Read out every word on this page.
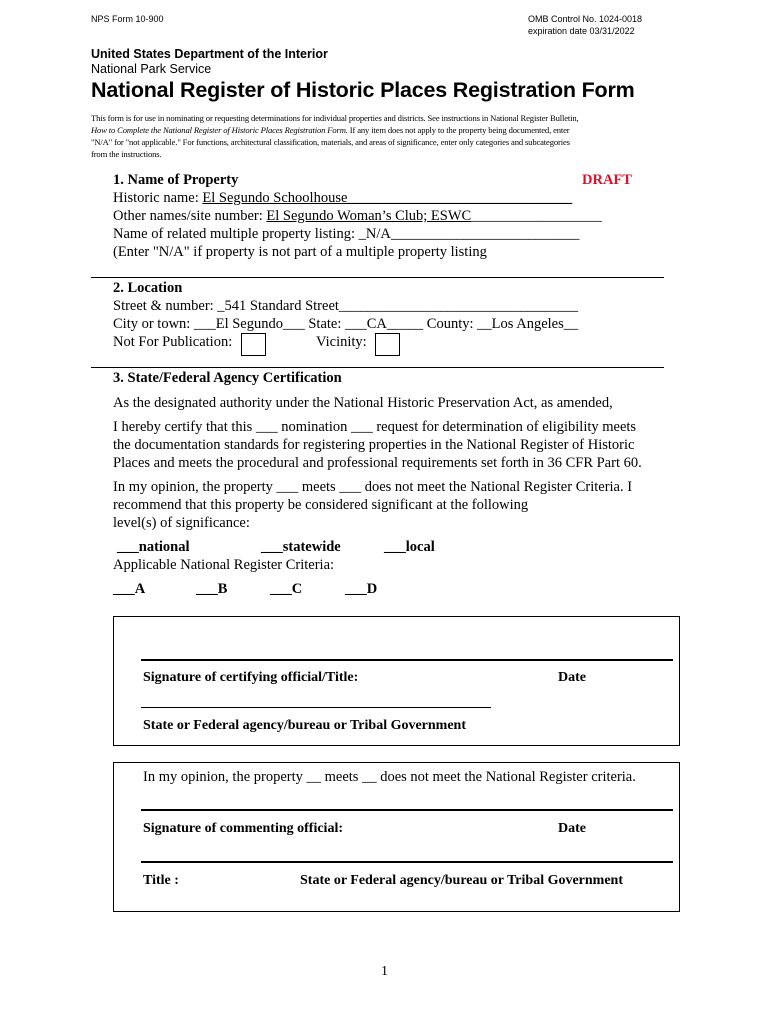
NPS Form 10-900	OMB Control No. 1024-0018
expiration date 03/31/2022
United States Department of the Interior
National Park Service
National Register of Historic Places Registration Form
This form is for use in nominating or requesting determinations for individual properties and districts. See instructions in National Register Bulletin,
How to Complete the National Register of Historic Places Registration Form. If any item does not apply to the property being documented, enter
"N/A" for "not applicable." For functions, architectural classification, materials, and areas of significance, enter only categories and subcategories
from the instructions.
1. Name of Property	DRAFT
Historic name: El Segundo Schoolhouse_______________________________
Other names/site number: El Segundo Woman’s Club; ESWC__________________
Name of related multiple property listing: _N/A__________________________
(Enter "N/A" if property is not part of a multiple property listing
2. Location
Street & number: _541 Standard Street_________________________________
City or town: ___El Segundo___ State: ___CA_____ County: __Los Angeles__
Not For Publication:	Vicinity:
3. State/Federal Agency Certification
As the designated authority under the National Historic Preservation Act, as amended,
I hereby certify that this ___ nomination ___ request for determination of eligibility meets
the documentation standards for registering properties in the National Register of Historic
Places and meets the procedural and professional requirements set forth in 36 CFR Part 60.
In my opinion, the property ___ meets ___ does not meet the National Register Criteria. I
recommend that this property be considered significant at the following
level(s) of significance:
___national	___statewide	___local
Applicable National Register Criteria:
___A	___B	___C	___D
Signature of certifying official/Title:	Date
State or Federal agency/bureau or Tribal Government
In my opinion, the property __ meets __ does not meet the National Register criteria.
Signature of commenting official:	Date
Title :	State or Federal agency/bureau or Tribal Government
1
